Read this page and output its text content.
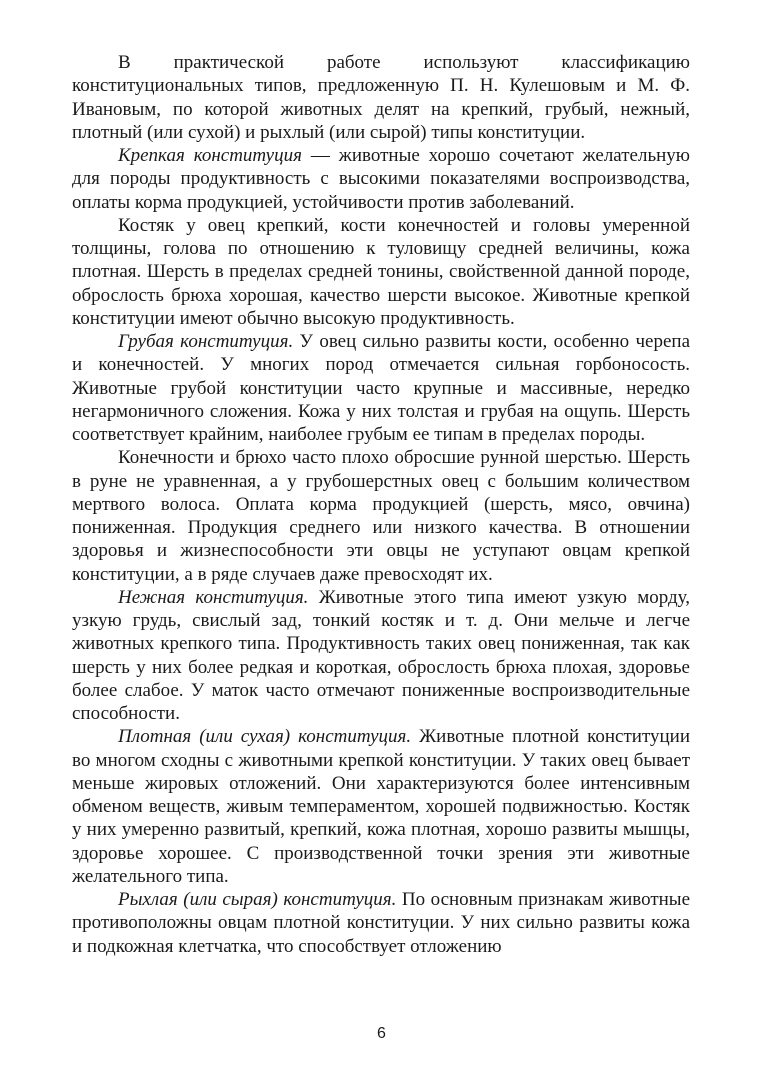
В практической работе используют классификацию конституциональных типов, предложенную П. Н. Кулешовым и М. Ф. Ивановым, по которой животных делят на крепкий, грубый, нежный, плотный (или сухой) и рыхлый (или сырой) типы конституции.

Крепкая конституция — животные хорошо сочетают желательную для породы продуктивность с высокими показателями воспроизводства, оплаты корма продукцией, устойчивости против заболеваний.

Костяк у овец крепкий, кости конечностей и головы умеренной толщины, голова по отношению к туловищу средней величины, кожа плотная. Шерсть в пределах средней тонины, свойственной данной породе, оброслость брюха хорошая, качество шерсти высокое. Животные крепкой конституции имеют обычно высокую продуктивность.

Грубая конституция. У овец сильно развиты кости, особенно черепа и конечностей. У многих пород отмечается сильная горбоносость. Животные грубой конституции часто крупные и массивные, нередко негармоничного сложения. Кожа у них толстая и грубая на ощупь. Шерсть соответствует крайним, наиболее грубым ее типам в пределах породы.

Конечности и брюхо часто плохо обросшие рунной шерстью. Шерсть в руне не уравненная, а у грубошерстных овец с большим количеством мертвого волоса. Оплата корма продукцией (шерсть, мясо, овчина) пониженная. Продукция среднего или низкого качества. В отношении здоровья и жизнеспособности эти овцы не уступают овцам крепкой конституции, а в ряде случаев даже превосходят их.

Нежная конституция. Животные этого типа имеют узкую морду, узкую грудь, свислый зад, тонкий костяк и т. д. Они мельче и легче животных крепкого типа. Продуктивность таких овец пониженная, так как шерсть у них более редкая и короткая, оброслость брюха плохая, здоровье более слабое. У маток часто отмечают пониженные воспроизводительные способности.

Плотная (или сухая) конституция. Животные плотной конституции во многом сходны с животными крепкой конституции. У таких овец бывает меньше жировых отложений. Они характеризуются более интенсивным обменом веществ, живым темпераментом, хорошей подвижностью. Костяк у них умеренно развитый, крепкий, кожа плотная, хорошо развиты мышцы, здоровье хорошее. С производственной точки зрения эти животные желательного типа.

Рыхлая (или сырая) конституция. По основным признакам животные противоположны овцам плотной конституции. У них сильно развиты кожа и подкожная клетчатка, что способствует отложению

6
